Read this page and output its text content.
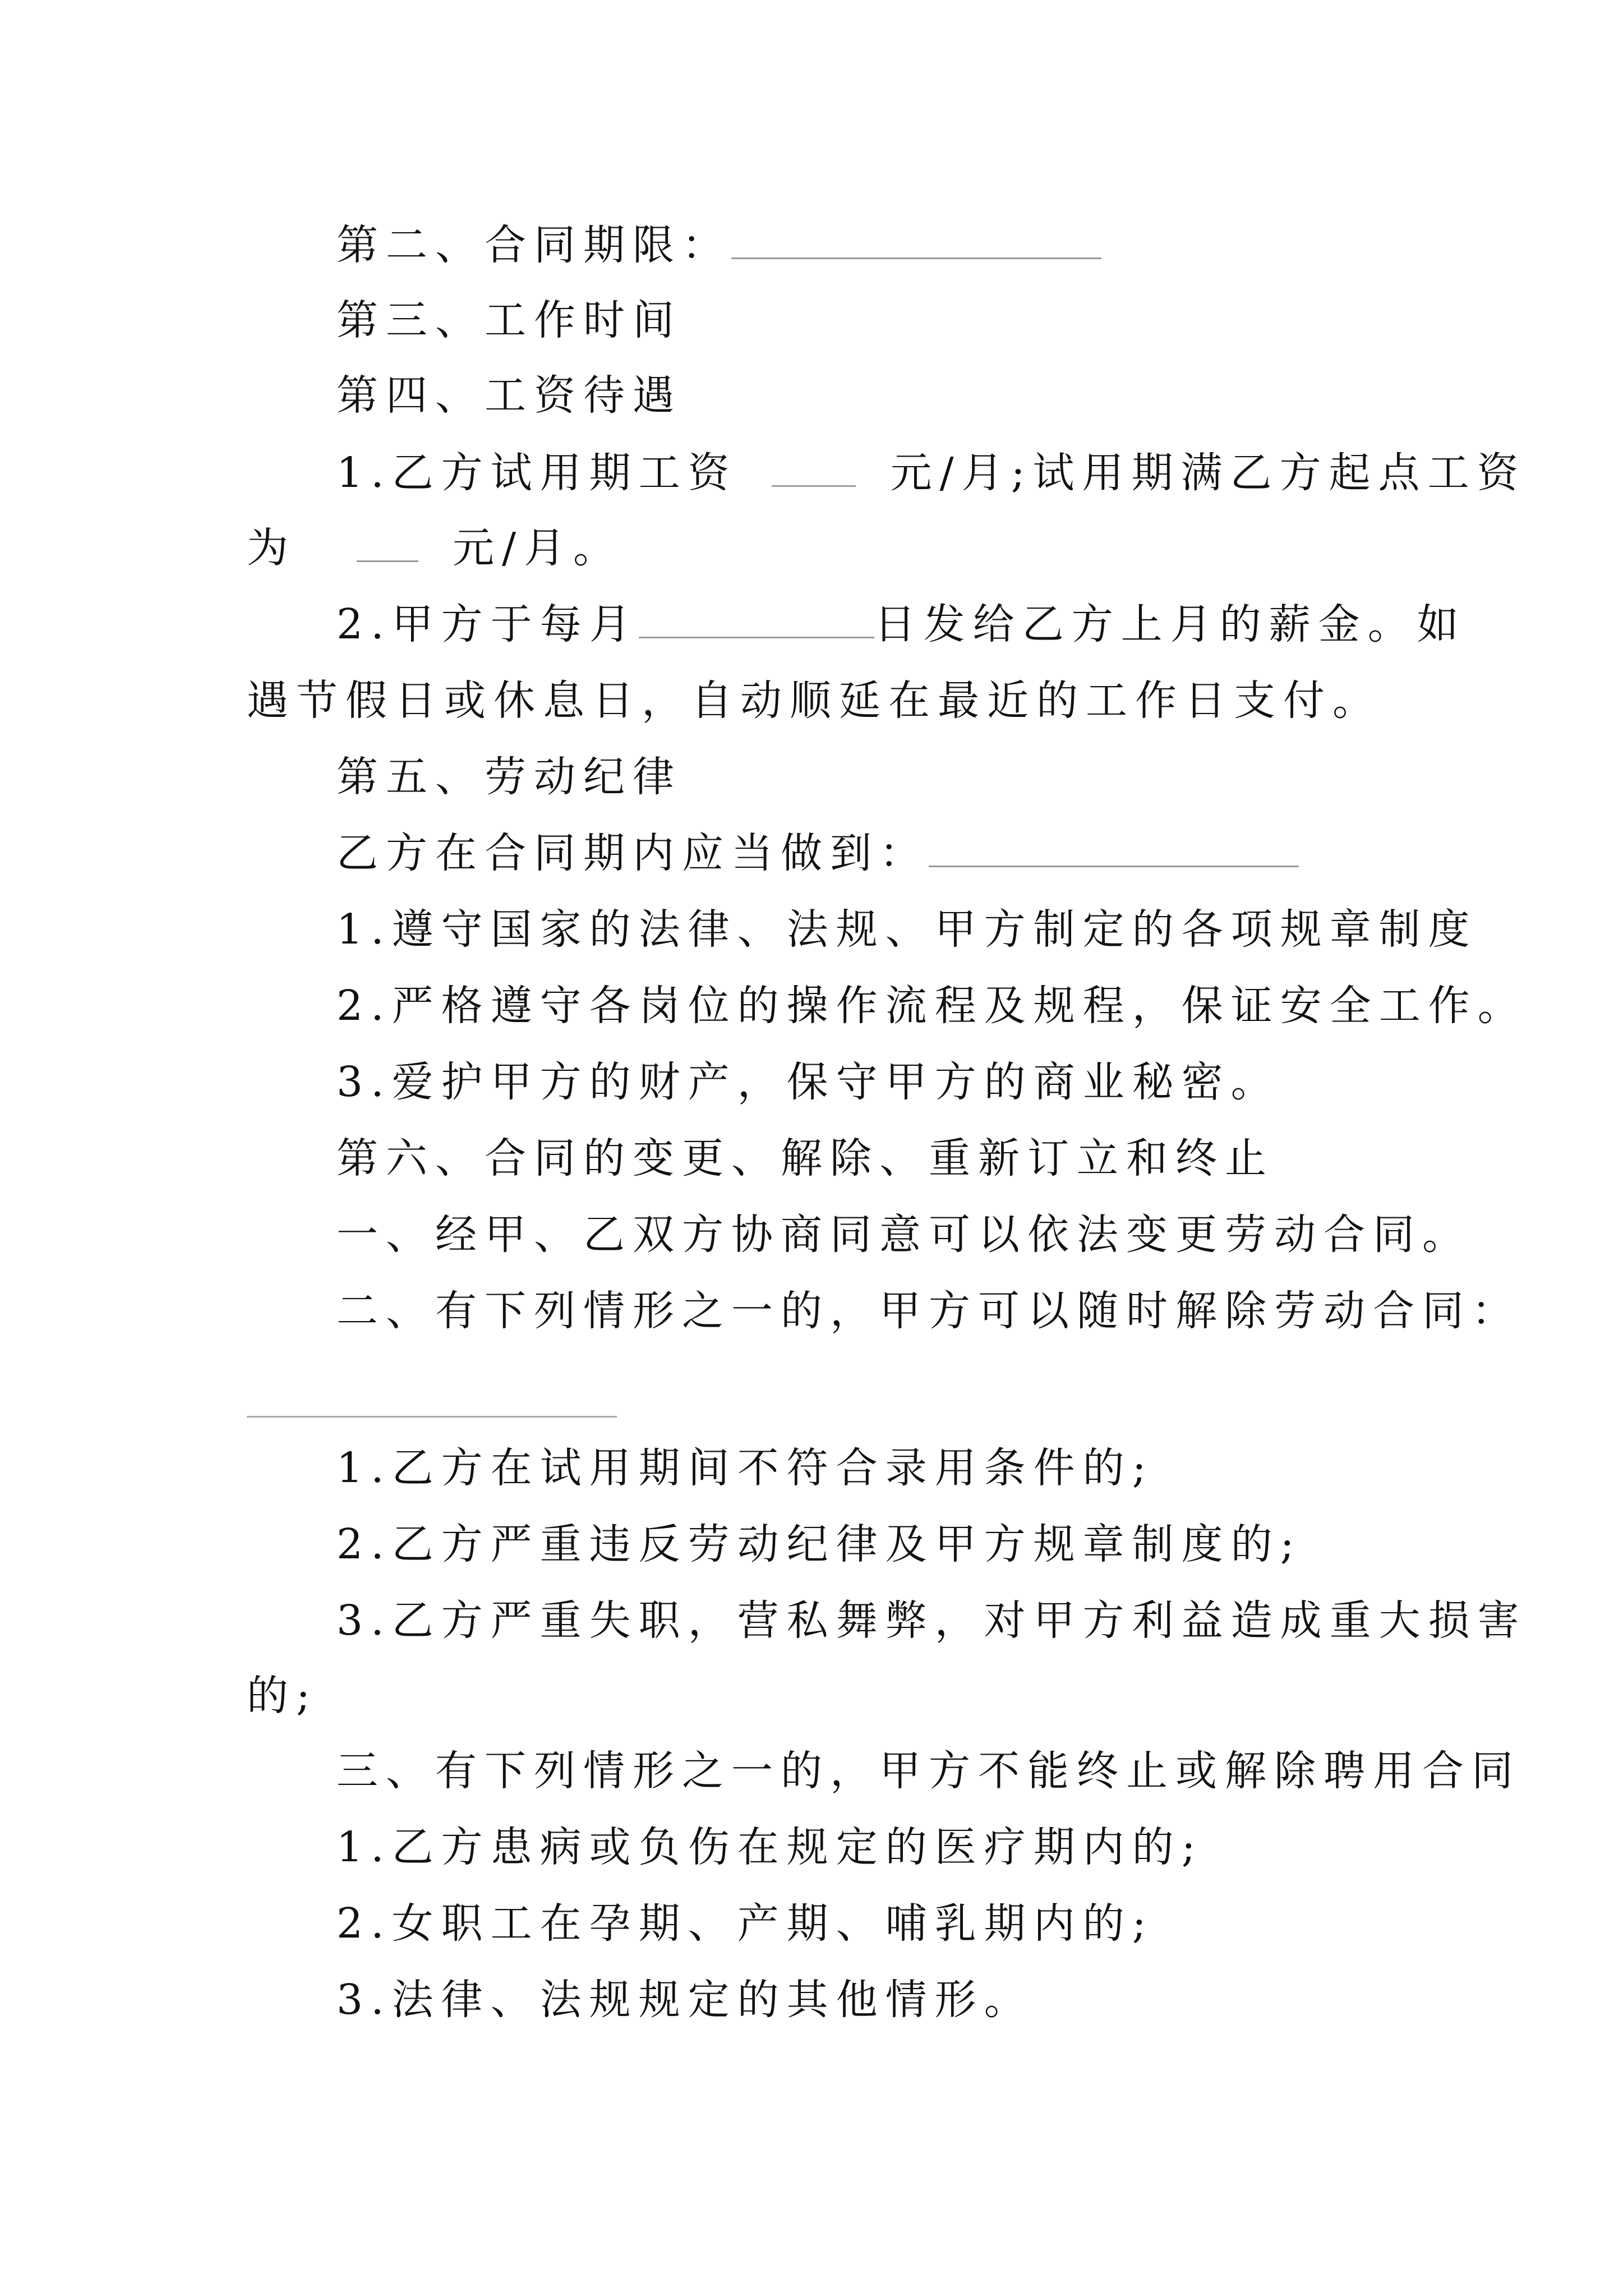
第二、合同期限：
第三、工作时间
第四、工资待遇
1.乙方试用期工资	元/月;试用期满乙方起点工资
为	元/月。
2.甲方于每月	日发给乙方上月的薪金。如
遇节假日或休息日，自动顺延在最近的工作日支付。
第五、劳动纪律
乙方在合同期内应当做到：
1.遵守国家的法律、法规、甲方制定的各项规章制度
2.严格遵守各岗位的操作流程及规程，保证安全工作。
3.爱护甲方的财产，保守甲方的商业秘密。
第六、合同的变更、解除、重新订立和终止
一、经甲、乙双方协商同意可以依法变更劳动合同。
二、有下列情形之一的，甲方可以随时解除劳动合同：
1.乙方在试用期间不符合录用条件的;
2.乙方严重违反劳动纪律及甲方规章制度的;
3.乙方严重失职，营私舞弊，对甲方利益造成重大损害
的;
三、有下列情形之一的，甲方不能终止或解除聘用合同
1.乙方患病或负伤在规定的医疗期内的;
2.女职工在孕期、产期、哺乳期内的;
3.法律、法规规定的其他情形。
